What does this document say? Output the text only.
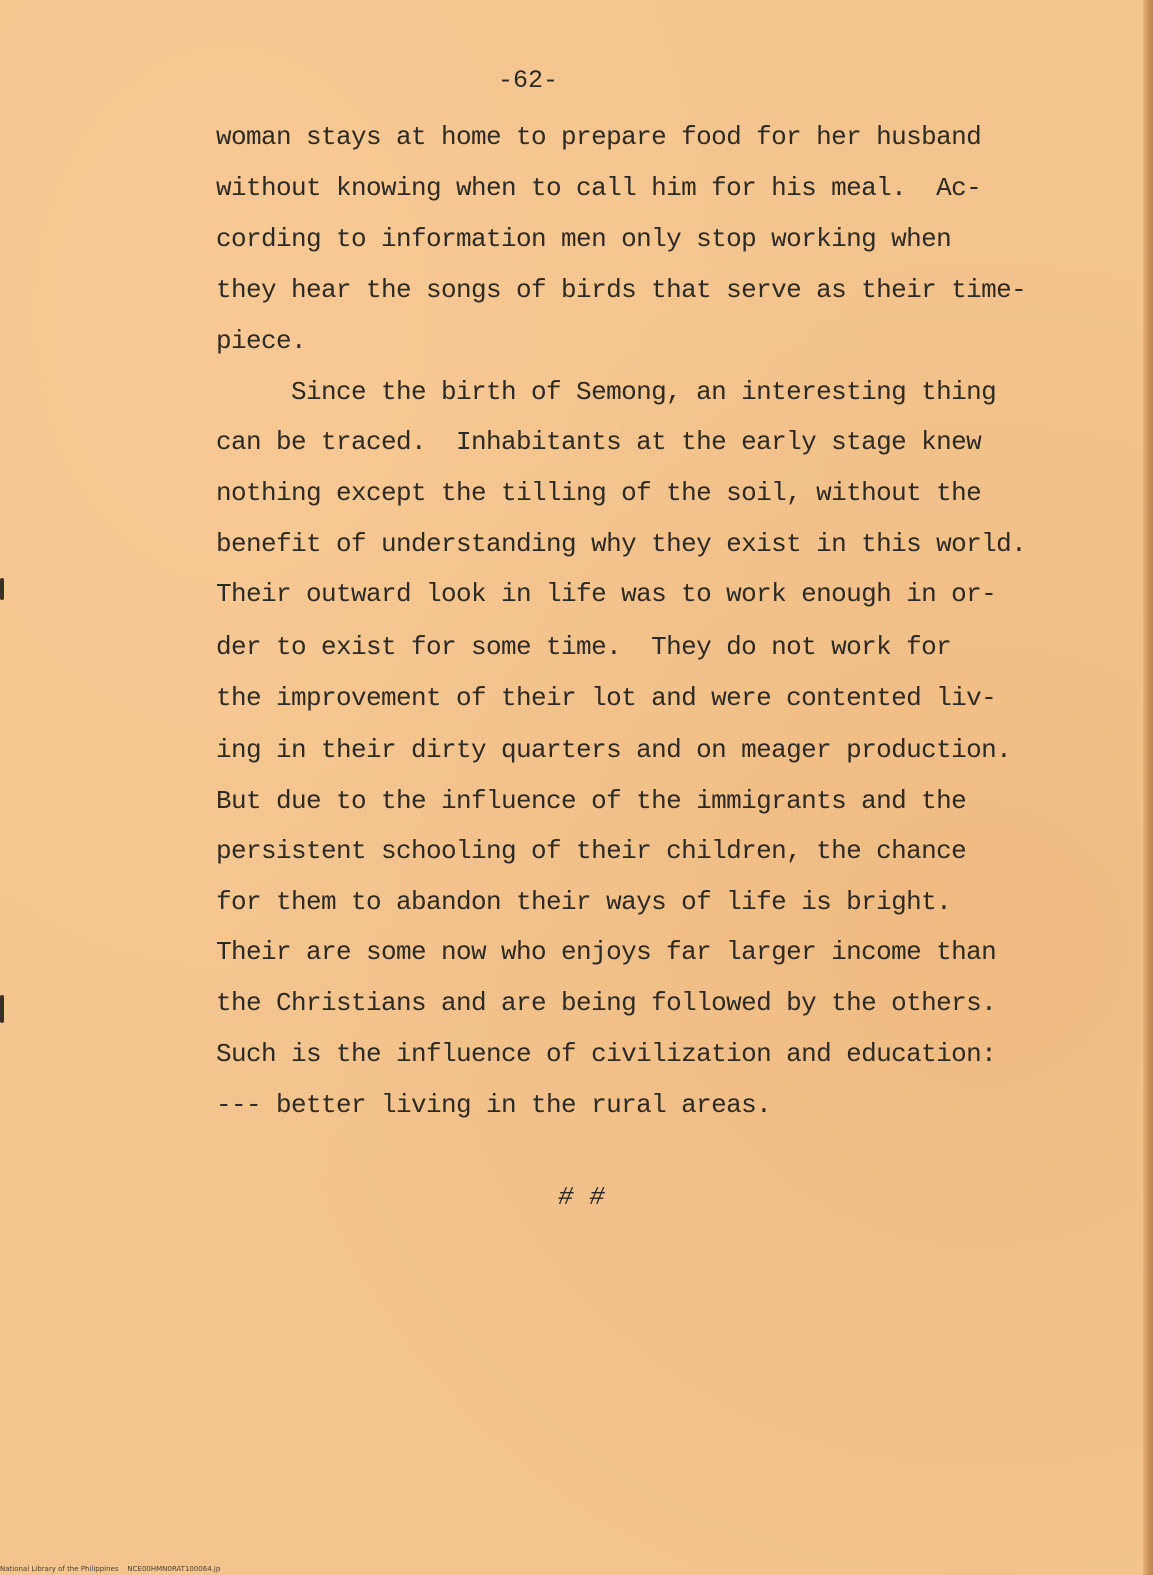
-62-
woman stays at home to prepare food for her husband
without knowing when to call him for his meal.  Ac-
cording to information men only stop working when
they hear the songs of birds that serve as their time-
piece.
Since the birth of Semong, an interesting thing
can be traced.  Inhabitants at the early stage knew
nothing except the tilling of the soil, without the
benefit of understanding why they exist in this world.
Their outward look in life was to work enough in or-
der to exist for some time.  They do not work for
the improvement of their lot and were contented liv-
ing in their dirty quarters and on meager production.
But due to the influence of the immigrants and the
persistent schooling of their children, the chance
for them to abandon their ways of life is bright.
Their are some now who enjoys far larger income than
the Christians and are being followed by the others.
Such is the influence of civilization and education:
--- better living in the rural areas.
# #
National Library of the Philippines    NCE00HMN0RAT100064.jp
